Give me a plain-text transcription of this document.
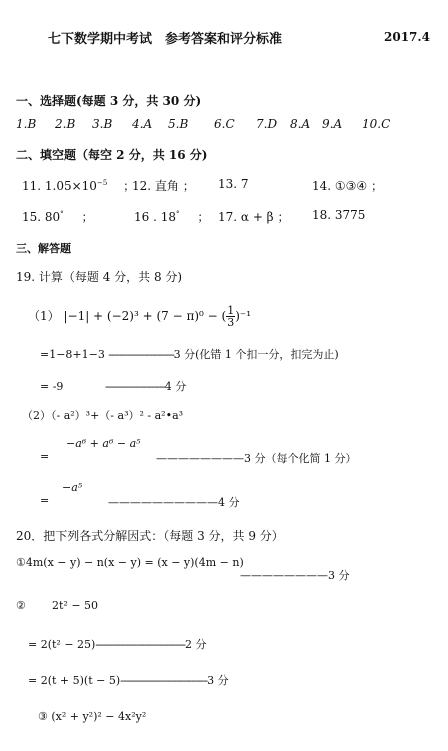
七下数学期中考试　参考答案和评分标准	2017.4
一、选择题(每题 3 分，共 30 分)
1.B 2.B 3.B 4.A 5.B 6.C 7.D 8.A 9.A 10.C
二、填空题（每空 2 分，共 16 分)
11. $1.05\times 10^{-5}$ ；
12. 直角 ； 13. 7	14. ①③④ ；
15. 80° ；	16 . 18° ； 17. α + β ； 18. 3775
三、解答题
19. 计算（每题 4 分，共 8 分)
（1） |−1| + (−2)³ + (7 − π)⁰ − ( $\frac{1}{3} )^{-1}$
=1−8+1−3 ------------------------3 分(化错 1 个扣一分，扣完为止)
= -9	----------------------4 分
（2）（- a²）³+（- a³）² - a²•a³
=
−a⁶ + a⁶ − a⁵
————————3 分（每个化简 1 分）
=
−a⁵
——————————4 分
20．把下列各式分解因式：（每题 3 分，共 9 分）
①4m(x − y) − n(x − y) = (x − y)(4m − n)
————————3 分
② 2t² − 50
= 2(t² − 25)---------------------------------2 分
= 2(t + 5)(t − 5)--------------------------------3 分
③ (x² + y²)² − 4x²y²
